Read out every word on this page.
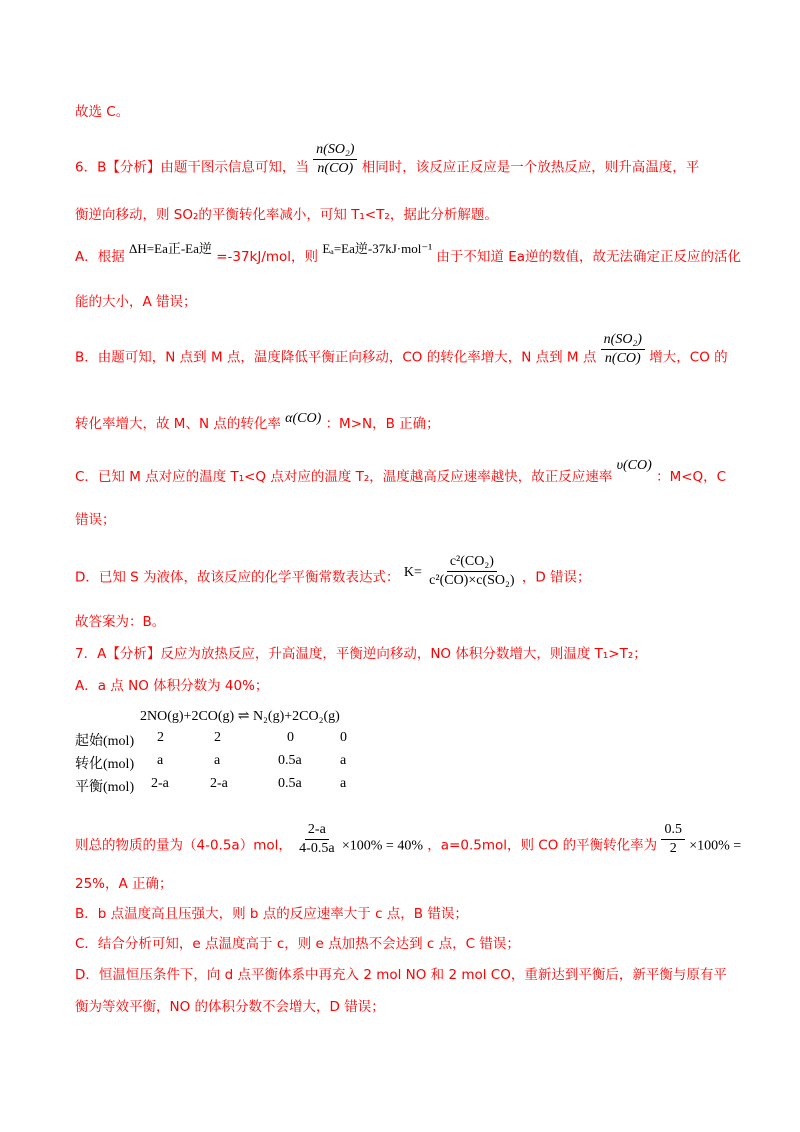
故选 C。
6．B【分析】由题干图示信息可知，当 $\frac{\text{n(SO₂)}}{n(CO)}$ 相同时，该反应正反应是一个放热反应，则升高温度，平
衡逆向移动，则 SO₂的平衡转化率减小，可知 T₁<T₂，据此分析解题。
A．根据 ΔH=Ea正-Ea逆 =-37kJ/mol，则 Eₐ=Ea逆-37kJ·mol⁻¹ 由于不知道 Ea逆的数值，故无法确定正反应的活化
能的大小，A 错误；
B．由题可知，N 点到 M 点，温度降低平衡正向移动，CO 的转化率增大，N 点到 M 点 $\frac{\text{n(SO₂)}}{n(CO)}$ 增大，CO 的
转化率增大，故 M、N 点的转化率 α(CO) ：M>N，B 正确；
C．已知 M 点对应的温度 T₁<Q 点对应的温度 T₂，温度越高反应速率越快，故正反应速率 υ(CO) ：M<Q，C
错误；
D．已知 S 为液体，故该反应的化学平衡常数表达式： $K= \frac{\text{c²(CO₂)}}{\text{c²(CO)×c(SO₂)}}$ ，D 错误；
故答案为：B。
7．A【分析】反应为放热反应，升高温度，平衡逆向移动，NO 体积分数增大，则温度 T₁>T₂；
A．a 点 NO 体积分数为 40%；
2NO(g)+2CO(g) ⇌ N₂(g)+2CO₂(g)
起始(mol) 2	2	0	0
转化(mol) a	a	0.5a	a
平衡(mol) 2-a	2-a	0.5a	a
则总的物质的量为（4-0.5a）mol， $\frac{2-a}{4-0.5a} \times 100\% = 40\%$ ，a=0.5mol，则 CO 的平衡转化率为 $\frac{0.5}{2} \times 100\%$ =
25%，A 正确；
B．b 点温度高且压强大，则 b 点的反应速率大于 c 点，B 错误；
C．结合分析可知，e 点温度高于 c，则 e 点加热不会达到 c 点，C 错误；
D．恒温恒压条件下，向 d 点平衡体系中再充入 2 mol NO 和 2 mol CO，重新达到平衡后，新平衡与原有平
衡为等效平衡，NO 的体积分数不会增大，D 错误；
